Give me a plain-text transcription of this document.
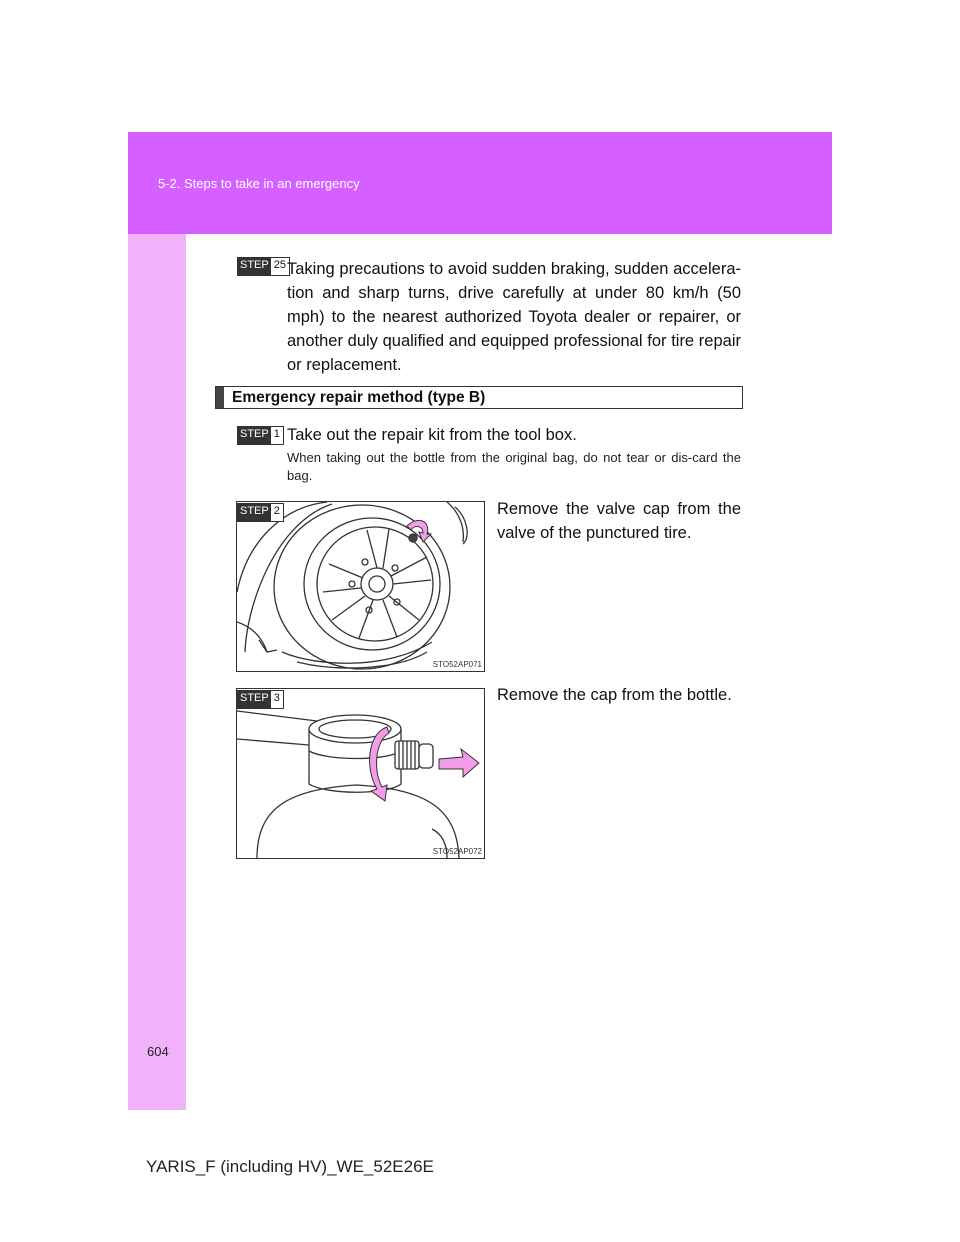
5-2. Steps to take in an emergency
STEP 25 Taking precautions to avoid sudden braking, sudden accelera-tion and sharp turns, drive carefully at under 80 km/h (50 mph) to the nearest authorized Toyota dealer or repairer, or another duly qualified and equipped professional for tire repair or replacement.
Emergency repair method (type B)
STEP 1 Take out the repair kit from the tool box.
When taking out the bottle from the original bag, do not tear or dis-card the bag.
STO52AP071
STEP 2	Remove the valve cap from the valve of the punctured tire.
STO52AP072
STEP 3	Remove the cap from the bottle.
604
YARIS_F (including HV)_WE_52E26E
